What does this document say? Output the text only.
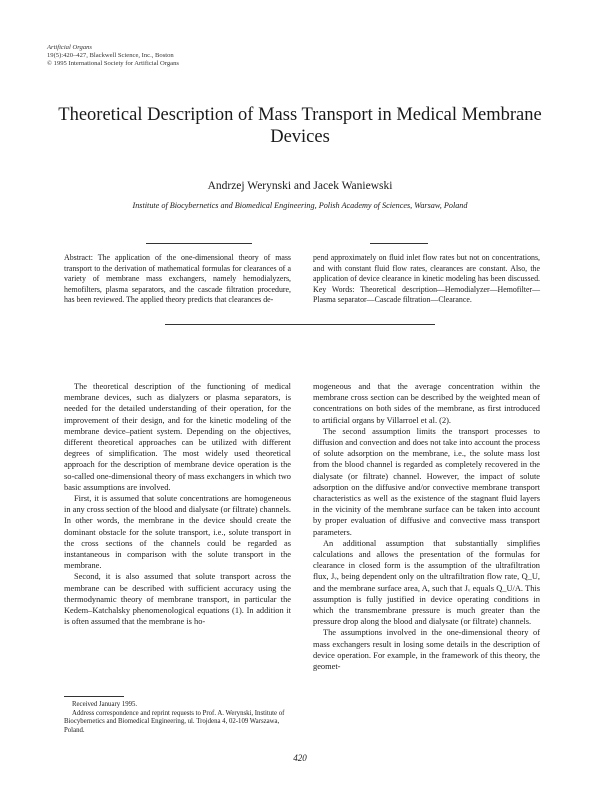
Artificial Organs
19(5):420–427, Blackwell Science, Inc., Boston
© 1995 International Society for Artificial Organs
Theoretical Description of Mass Transport in Medical Membrane Devices
Andrzej Werynski and Jacek Waniewski
Institute of Biocybernetics and Biomedical Engineering, Polish Academy of Sciences, Warsaw, Poland
Abstract: The application of the one-dimensional theory of mass transport to the derivation of mathematical formulas for clearances of a variety of membrane mass exchangers, namely hemodialyzers, hemofilters, plasma separators, and the cascade filtration procedure, has been reviewed. The applied theory predicts that clearances de-
pend approximately on fluid inlet flow rates but not on concentrations, and with constant fluid flow rates, clearances are constant. Also, the application of device clearance in kinetic modeling has been discussed. Key Words: Theoretical description—Hemodialyzer—Hemofilter—Plasma separator—Cascade filtration—Clearance.

The theoretical description of the functioning of medical membrane devices, such as dialyzers or plasma separators, is needed for the detailed understanding of their operation, for the improvement of their design, and for the kinetic modeling of the membrane device–patient system. Depending on the objectives, different theoretical approaches can be utilized with different degrees of simplification. The most widely used theoretical approach for the description of membrane device operation is the so-called one-dimensional theory of mass exchangers in which two basic assumptions are involved.

First, it is assumed that solute concentrations are homogeneous in any cross section of the blood and dialysate (or filtrate) channels. In other words, the membrane in the device should create the dominant obstacle for the solute transport, i.e., solute transport in the cross sections of the channels could be regarded as instantaneous in comparison with the solute transport in the membrane.

Second, it is also assumed that solute transport across the membrane can be described with sufficient accuracy using the thermodynamic theory of membrane transport, in particular the Kedem–Katchalsky phenomenological equations (1). In addition it is often assumed that the membrane is ho-

mogeneous and that the average concentration within the membrane cross section can be described by the weighted mean of concentrations on both sides of the membrane, as first introduced to artificial organs by Villarroel et al. (2).

The second assumption limits the transport processes to diffusion and convection and does not take into account the process of solute adsorption on the membrane, i.e., the solute mass lost from the blood channel is regarded as completely recovered in the dialysate (or filtrate) channel. However, the impact of solute adsorption on the diffusive and/or convective membrane transport characteristics as well as the existence of the stagnant fluid layers in the vicinity of the membrane surface can be taken into account by proper evaluation of diffusive and convective mass transport parameters.

An additional assumption that substantially simplifies calculations and allows the presentation of the formulas for clearance in closed form is the assumption of the ultrafiltration flux, Jᵥ, being dependent only on the ultrafiltration flow rate, Q_U, and the membrane surface area, A, such that Jᵥ equals Q_U/A. This assumption is fully justified in device operating conditions in which the transmembrane pressure is much greater than the pressure drop along the blood and dialysate (or filtrate) channels.

The assumptions involved in the one-dimensional theory of mass exchangers result in losing some details in the description of device operation. For example, in the framework of this theory, the geomet-

Received January 1995.

Address correspondence and reprint requests to Prof. A. Werynski, Institute of Biocybernetics and Biomedical Engineering, ul. Trojdena 4, 02-109 Warszawa, Poland.

420
